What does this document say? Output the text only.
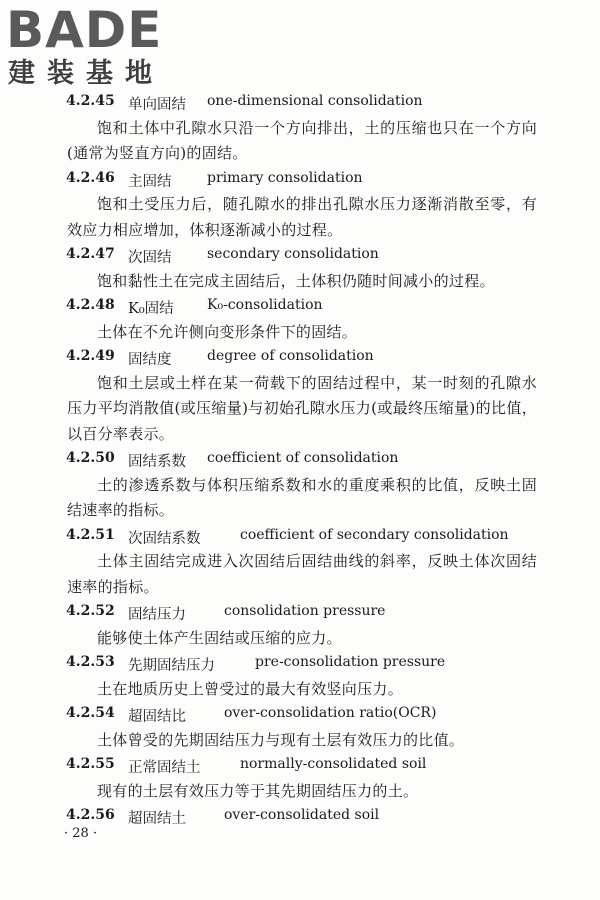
BADE
建装基地
4.2.45 单向固结 one-dimensional consolidation

饱和土体中孔隙水只沿一个方向排出，土的压缩也只在一个方向(通常为竖直方向)的固结。

4.2.46 主固结	primary consolidation

饱和土受压力后，随孔隙水的排出孔隙水压力逐渐消散至零，有效应力相应增加，体积逐渐减小的过程。

4.2.47 次固结	secondary consolidation

饱和黏性土在完成主固结后，土体积仍随时间减小的过程。

4.2.48 K₀固结 K₀-consolidation

土体在不允许侧向变形条件下的固结。

4.2.49 固结度	degree of consolidation

饱和土层或土样在某一荷载下的固结过程中，某一时刻的孔隙水压力平均消散值(或压缩量)与初始孔隙水压力(或最终压缩量)的比值，以百分率表示。

4.2.50 固结系数 coefficient of consolidation

土的渗透系数与体积压缩系数和水的重度乘积的比值，反映土固结速率的指标。

4.2.51 次固结系数	coefficient of secondary consolidation

土体主固结完成进入次固结后固结曲线的斜率，反映土体次固结速率的指标。

4.2.52 固结压力	consolidation pressure

能够使土体产生固结或压缩的应力。

4.2.53 先期固结压力	pre-consolidation pressure

土在地质历史上曾受过的最大有效竖向压力。

4.2.54 超固结比	over-consolidation ratio(OCR)

土体曾受的先期固结压力与现有土层有效压力的比值。

4.2.55 正常固结土	normally-consolidated soil

现有的土层有效压力等于其先期固结压力的土。

4.2.56 超固结土	over-consolidated soil
· 28 ·
